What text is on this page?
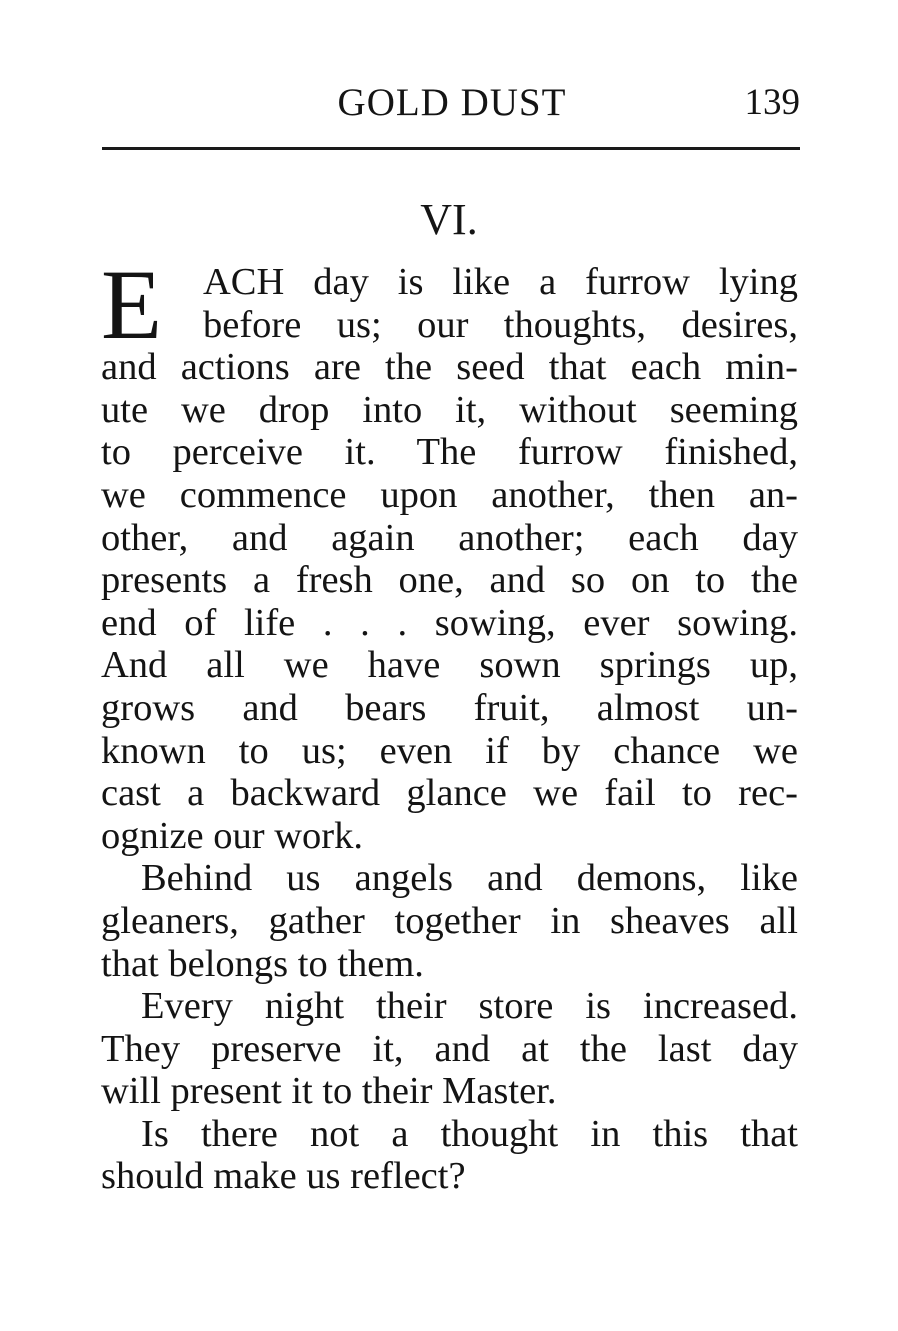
GOLD DUST	139
VI.
E	ACH day is like a furrow lying
before us; our thoughts, desires,
and actions are the seed that each min-
ute we drop into it, without seeming
to perceive it. The furrow finished,
we commence upon another, then an-
other, and again another; each day
presents a fresh one, and so on to the
end of life . . . sowing, ever sowing.
And all we have sown springs up,
grows and bears fruit, almost un-
known to us; even if by chance we
cast a backward glance we fail to rec-
ognize our work.
Behind us angels and demons, like
gleaners, gather together in sheaves all
that belongs to them.
Every night their store is increased.
They preserve it, and at the last day
will present it to their Master.
Is there not a thought in this that
should make us reflect?
